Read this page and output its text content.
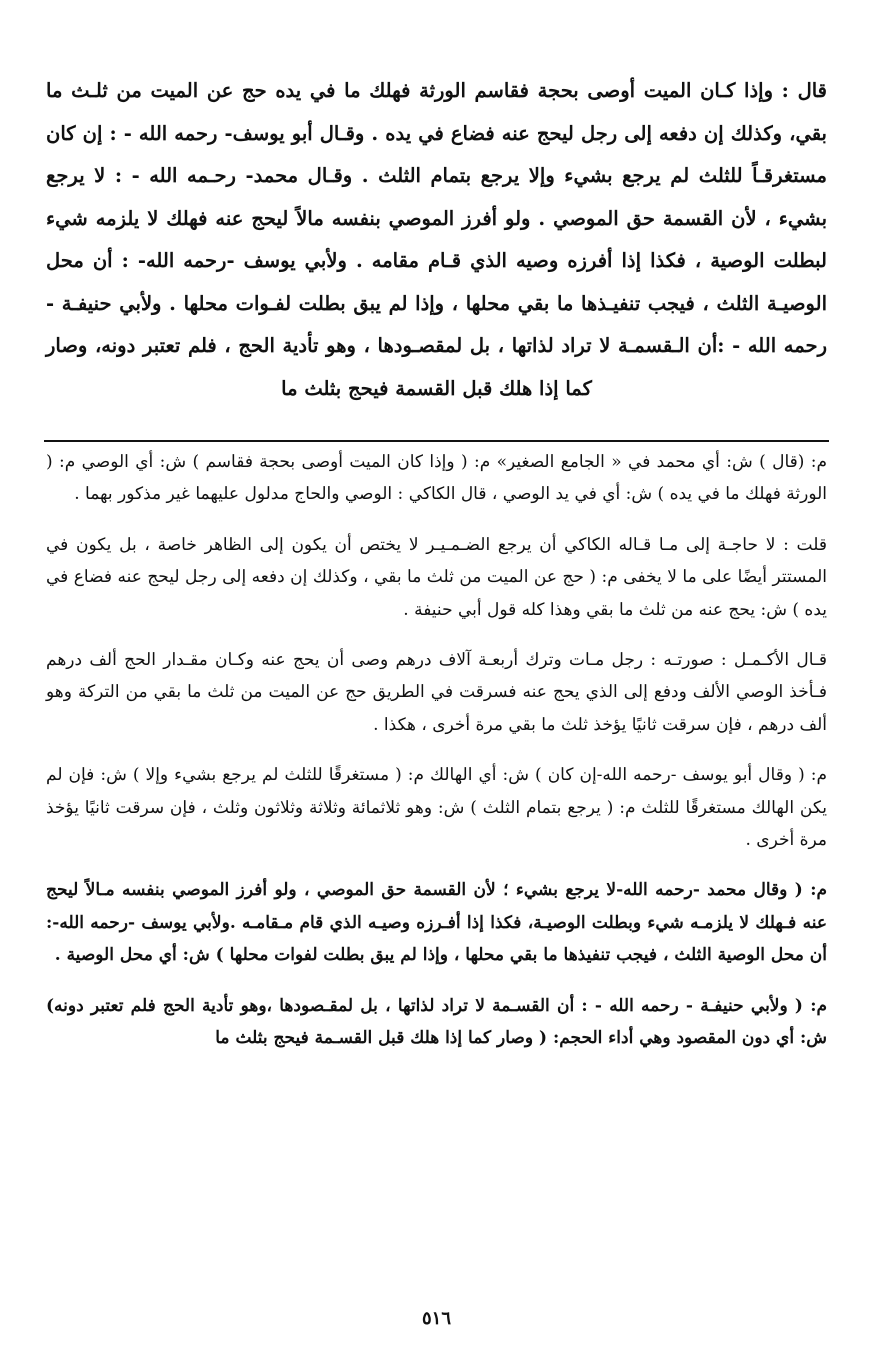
قال : وإذا كـان الميت أوصى بحجة فقاسم الورثة فهلك ما في يده حج عن الميت من ثلـث ما بقي، وكذلك إن دفعه إلى رجل ليحج عنه فضاع في يده . وقـال أبو يوسف- رحمه الله - : إن كان مستغرقـاً للثلث لم يرجع بشيء وإلا يرجع بتمام الثلث . وقـال محمد- رحـمه الله - : لا يرجع بشيء ، لأن القسمة حق الموصي . ولو أفرز الموصي بنفسه مالاً ليحج عنه فهلك لا يلزمه شيء لبطلت الوصية ، فكذا إذا أفرزه وصيه الذي قـام مقامه . ولأبي يوسف -رحمه الله- : أن محل الوصيـة الثلث ، فيجب تنفيـذها ما بقي محلها ، وإذا لم يبق بطلت لفـوات محلها . ولأبي حنيفـة - رحمه الله - :أن الـقسمـة لا تراد لذاتها ، بل لمقصـودها ، وهو تأدية الحج ، فلم تعتبر دونه، وصار كما إذا هلك قبل القسمة فيحج بثلث ما

م: (قال ) ش: أي محمد في « الجامع الصغير» م: ( وإذا كان الميت أوصى بحجة فقاسم ) ش: أي الوصي م: ( الورثة فهلك ما في يده ) ش: أي في يد الوصي ، قال الكاكي : الوصي والحاج مدلول عليهما غير مذكور بهما .

قلت : لا حاجـة إلى مـا قـاله الكاكي أن يرجع الضـمـيـر لا يختص أن يكون إلى الظاهر خاصة ، بل يكون في المستتر أيضًا على ما لا يخفى م: ( حج عن الميت من ثلث ما بقي ، وكذلك إن دفعه إلى رجل ليحج عنه فضاع في يده ) ش: يحج عنه من ثلث ما بقي وهذا كله قول أبي حنيفة .

قـال الأكـمـل : صورتـه : رجل مـات وترك أربعـة آلاف درهم وصى أن يحج عنه وكـان مقـدار الحج ألف درهم فـأخذ الوصي الألف ودفع إلى الذي يحج عنه فسرقت في الطريق حج عن الميت من ثلث ما بقي من التركة وهو ألف درهم ، فإن سرقت ثانيًا يؤخذ ثلث ما بقي مرة أخرى ، هكذا .

م: ( وقال أبو يوسف -رحمه الله-إن كان ) ش: أي الهالك م: ( مستغرقًا للثلث لم يرجع بشيء وإلا ) ش: فإن لم يكن الهالك مستغرقًا للثلث م: ( يرجع بتمام الثلث ) ش: وهو ثلاثمائة وثلاثة وثلاثون وثلث ، فإن سرقت ثانيًا يؤخذ مرة أخرى .

م: ( وقال محمد -رحمه الله-لا يرجع بشيء ؛ لأن القسمة حق الموصي ، ولو أفرز الموصي بنفسه مـالاً ليحج عنه فـهلك لا يلزمـه شيء وبطلت الوصيـة، فكذا إذا أفـرزه وصيـه الذي قام مـقامـه .ولأبي يوسف -رحمه الله-: أن محل الوصية الثلث ، فيجب تنفيذها ما بقي محلها ، وإذا لم يبق بطلت لفوات محلها ) ش: أي محل الوصية .

م: ( ولأبي حنيفـة - رحمه الله - : أن القسـمة لا تراد لذاتها ، بل لمقـصودها ،وهو تأدية الحج فلم تعتبر دونه) ش: أي دون المقصود وهي أداء الحجم: ( وصار كما إذا هلك قبل القسـمة فيحج بثلث ما

٥١٦
